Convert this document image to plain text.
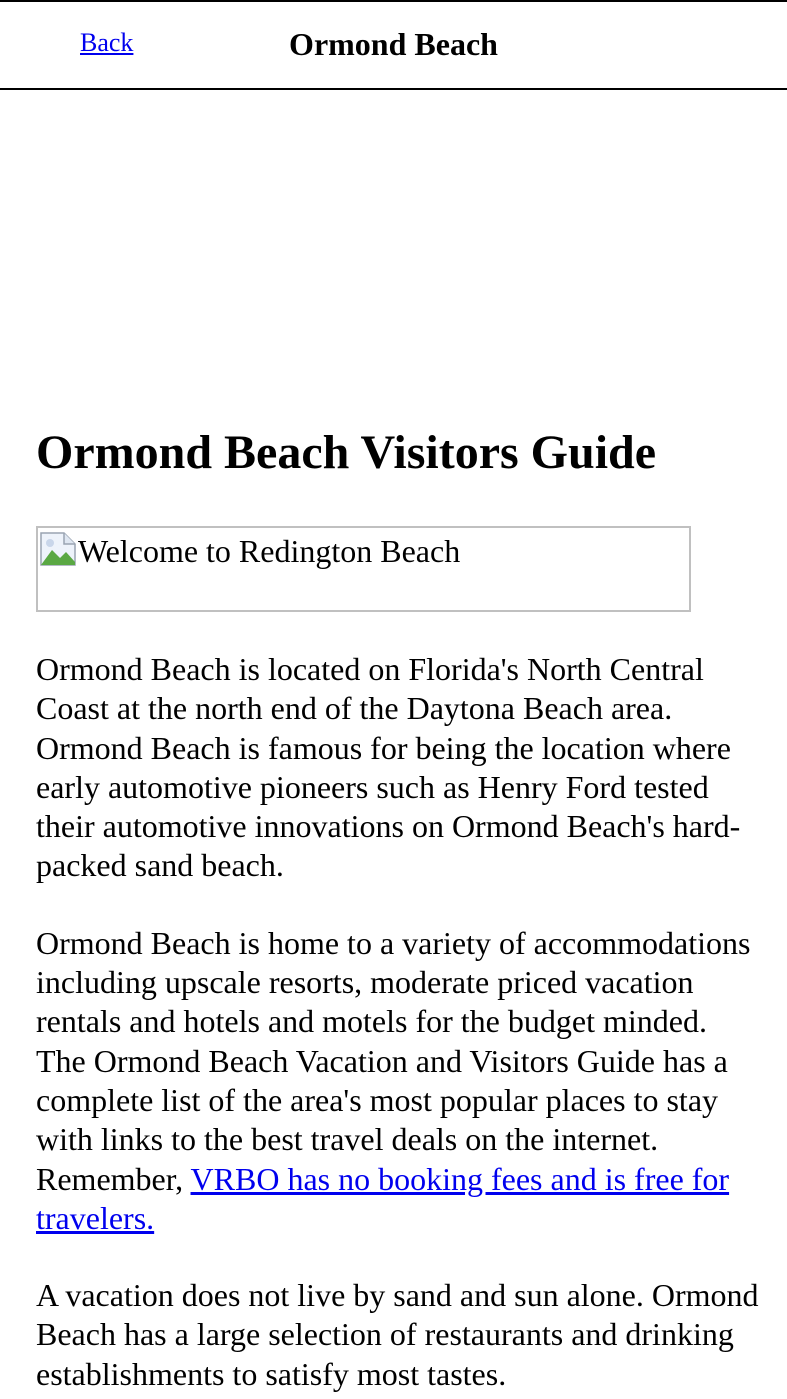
Back	Ormond Beach
Ormond Beach Visitors Guide
Welcome to Redington Beach

Ormond Beach is located on Florida's North Central Coast at the north end of the Daytona Beach area. Ormond Beach is famous for being the location where early automotive pioneers such as Henry Ford tested their automotive innovations on Ormond Beach's hard-packed sand beach.

Ormond Beach is home to a variety of accommodations including upscale resorts, moderate priced vacation rentals and hotels and motels for the budget minded. The Ormond Beach Vacation and Visitors Guide has a complete list of the area's most popular places to stay with links to the best travel deals on the internet. Remember, VRBO has no booking fees and is free for travelers.

A vacation does not live by sand and sun alone. Ormond Beach has a large selection of restaurants and drinking establishments to satisfy most tastes.
